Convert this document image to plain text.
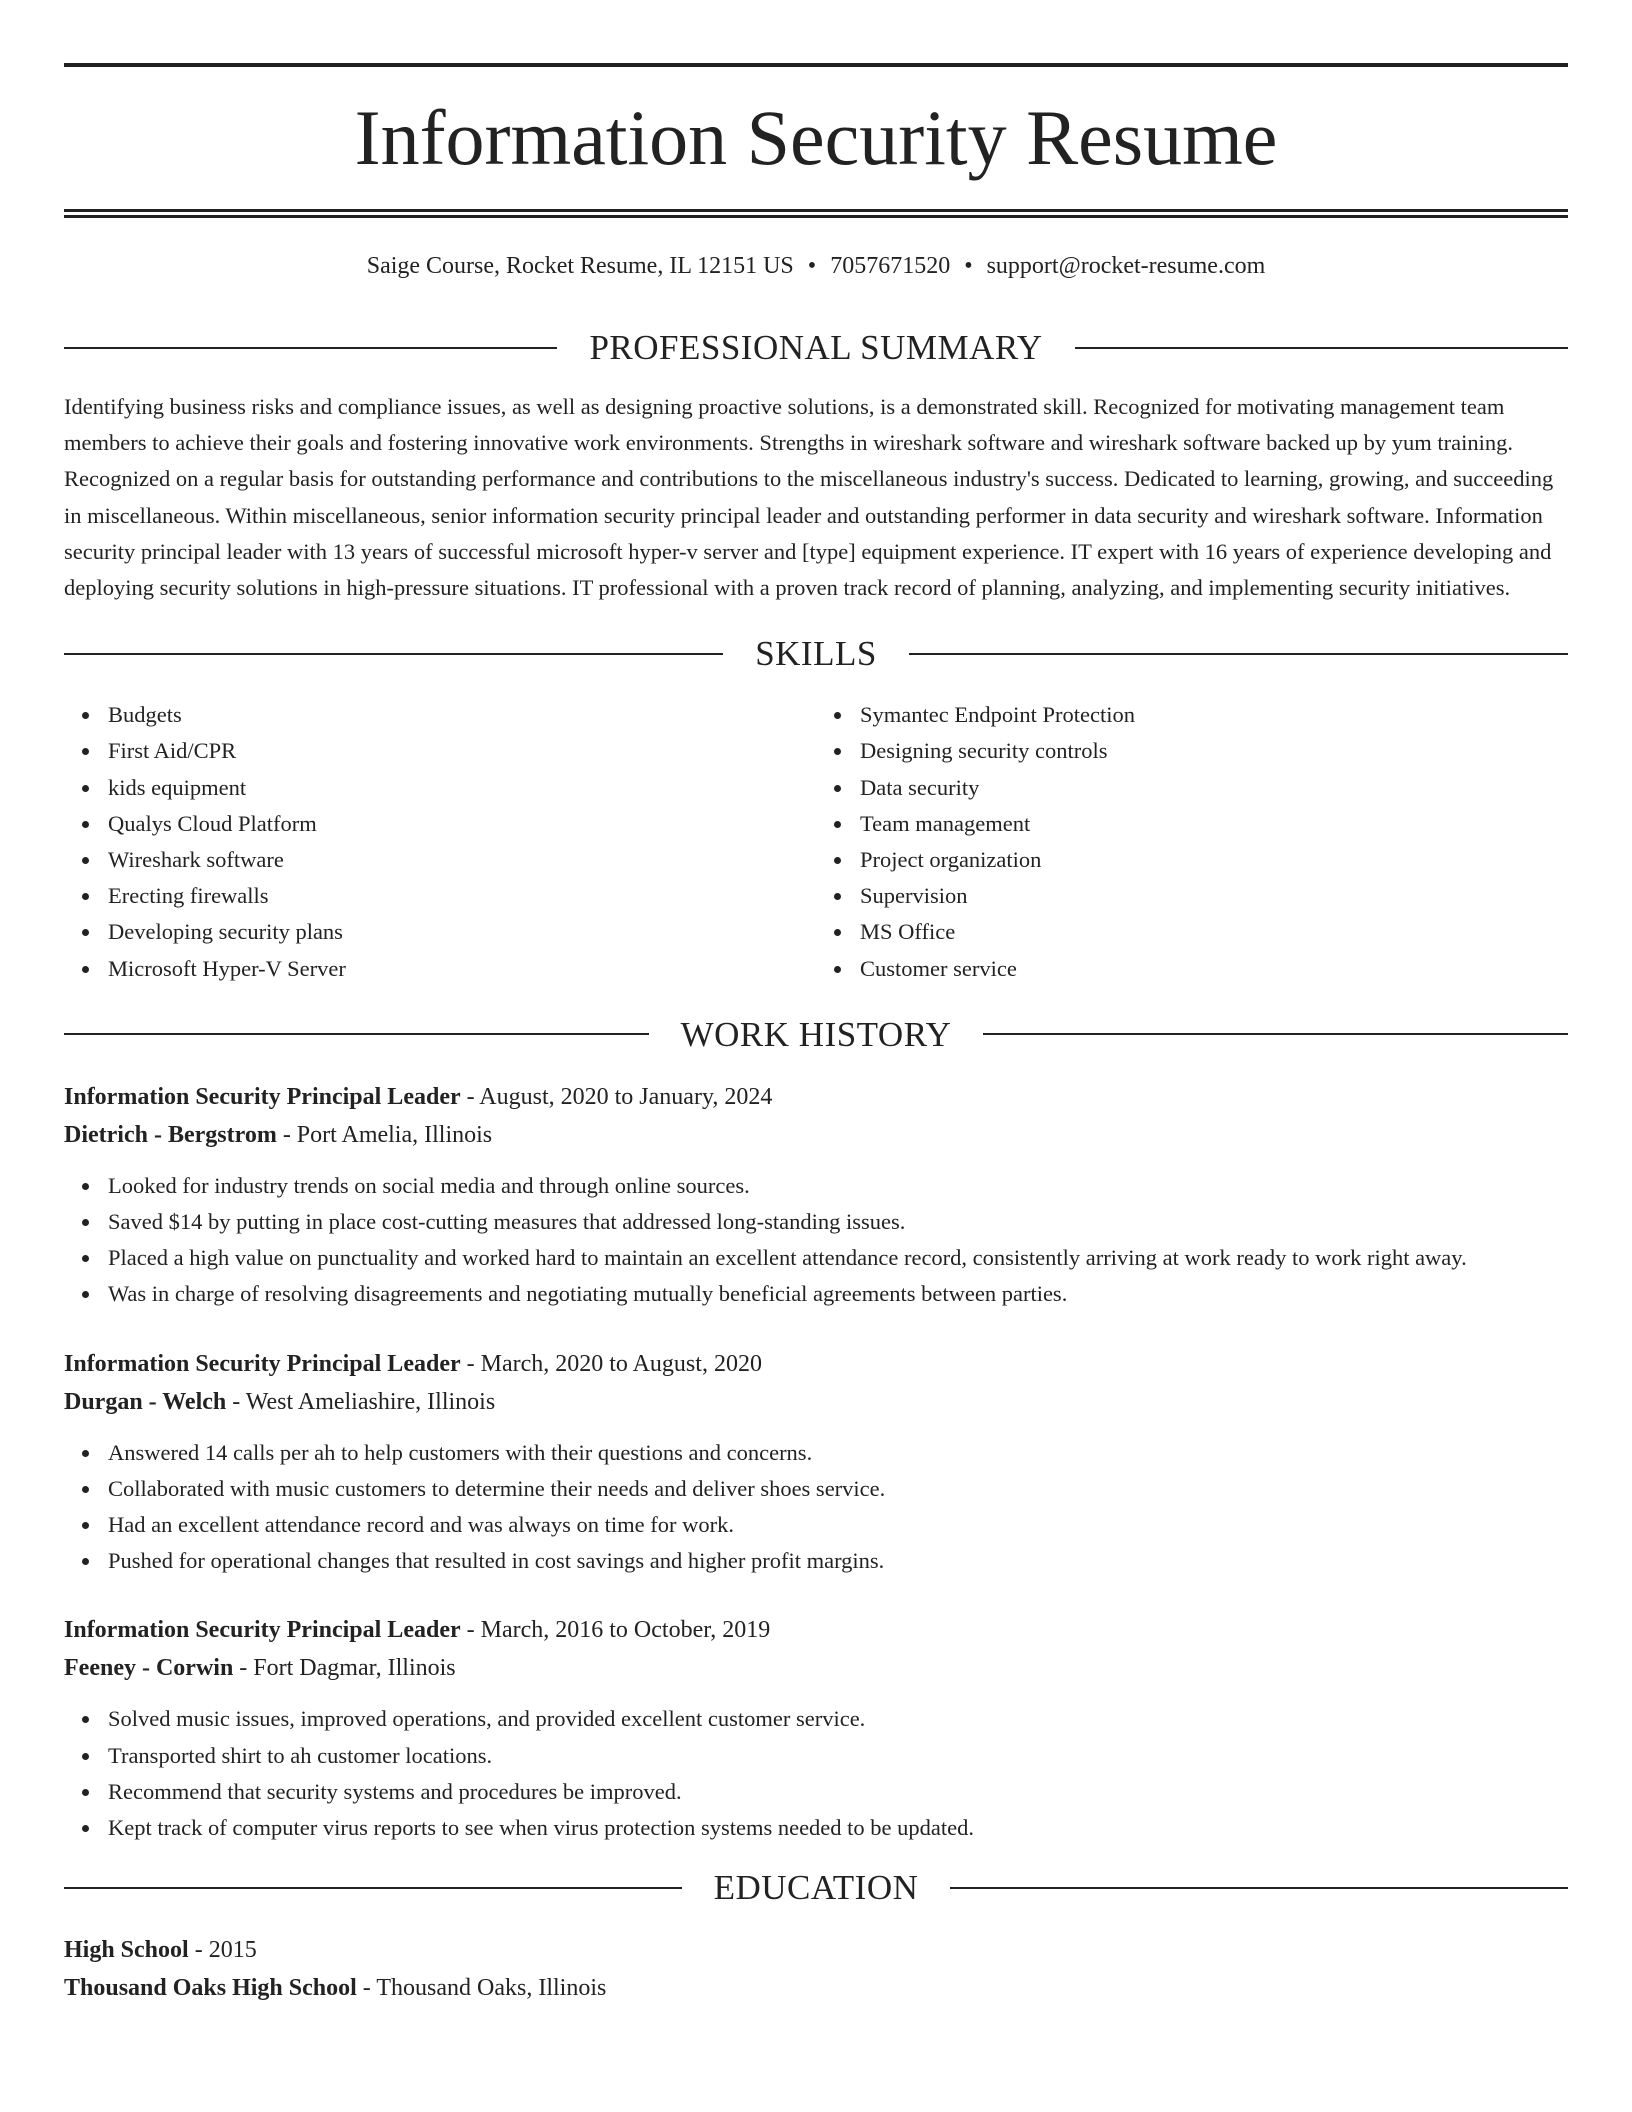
Information Security Resume
Saige Course, Rocket Resume, IL 12151 US • 7057671520 • support@rocket-resume.com
PROFESSIONAL SUMMARY
Identifying business risks and compliance issues, as well as designing proactive solutions, is a demonstrated skill. Recognized for motivating management team members to achieve their goals and fostering innovative work environments. Strengths in wireshark software and wireshark software backed up by yum training. Recognized on a regular basis for outstanding performance and contributions to the miscellaneous industry's success. Dedicated to learning, growing, and succeeding in miscellaneous. Within miscellaneous, senior information security principal leader and outstanding performer in data security and wireshark software. Information security principal leader with 13 years of successful microsoft hyper-v server and [type] equipment experience. IT expert with 16 years of experience developing and deploying security solutions in high-pressure situations. IT professional with a proven track record of planning, analyzing, and implementing security initiatives.
SKILLS
Budgets
First Aid/CPR
kids equipment
Qualys Cloud Platform
Wireshark software
Erecting firewalls
Developing security plans
Microsoft Hyper-V Server
Symantec Endpoint Protection
Designing security controls
Data security
Team management
Project organization
Supervision
MS Office
Customer service
WORK HISTORY
Information Security Principal Leader - August, 2020 to January, 2024
Dietrich - Bergstrom - Port Amelia, Illinois
Looked for industry trends on social media and through online sources.
Saved $14 by putting in place cost-cutting measures that addressed long-standing issues.
Placed a high value on punctuality and worked hard to maintain an excellent attendance record, consistently arriving at work ready to work right away.
Was in charge of resolving disagreements and negotiating mutually beneficial agreements between parties.
Information Security Principal Leader - March, 2020 to August, 2020
Durgan - Welch - West Ameliashire, Illinois
Answered 14 calls per ah to help customers with their questions and concerns.
Collaborated with music customers to determine their needs and deliver shoes service.
Had an excellent attendance record and was always on time for work.
Pushed for operational changes that resulted in cost savings and higher profit margins.
Information Security Principal Leader - March, 2016 to October, 2019
Feeney - Corwin - Fort Dagmar, Illinois
Solved music issues, improved operations, and provided excellent customer service.
Transported shirt to ah customer locations.
Recommend that security systems and procedures be improved.
Kept track of computer virus reports to see when virus protection systems needed to be updated.
EDUCATION
High School - 2015
Thousand Oaks High School - Thousand Oaks, Illinois
